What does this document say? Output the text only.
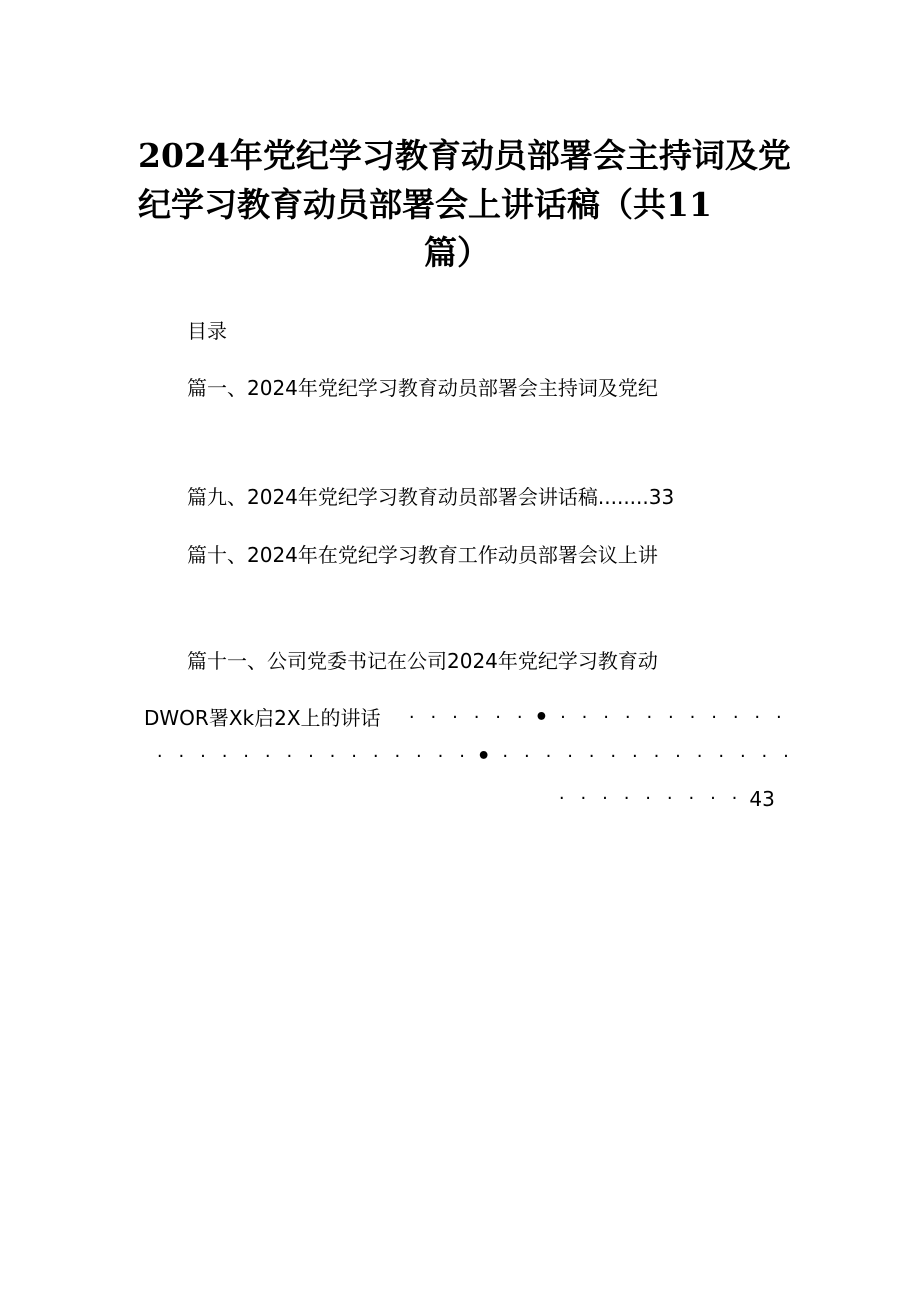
2024年党纪学习教育动员部署会主持词及党
纪学习教育动员部署会上讲话稿（共11
篇）
目录
篇一、2024年党纪学习教育动员部署会主持词及党纪
篇九、2024年党纪学习教育动员部署会讲话稿........33
篇十、2024年在党纪学习教育工作动员部署会议上讲
篇十一、公司党委书记在公司2024年党纪学习教育动
DWOR署Xk启2X上的讲话	· · · · · · • · · · · · · · · · · ·
· · · · · · · · · · · · · · · • · · · · · · · · · · · · · ·
· · · · · · · · · 43
